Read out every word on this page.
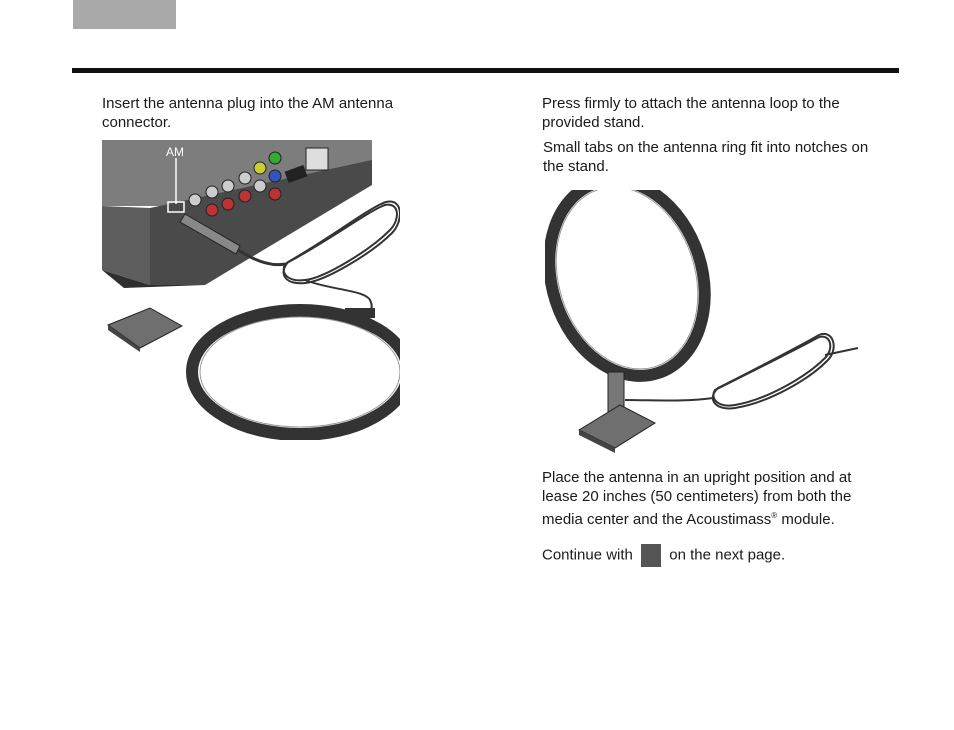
Insert the antenna plug into the AM antenna connector.
AM
Press firmly to attach the antenna loop to the provided stand.
Small tabs on the antenna ring fit into notches on the stand.
Place the antenna in an upright position and at lease 20 inches (50 centimeters) from both the media center and the Acoustimass® module.
Continue with on the next page.
